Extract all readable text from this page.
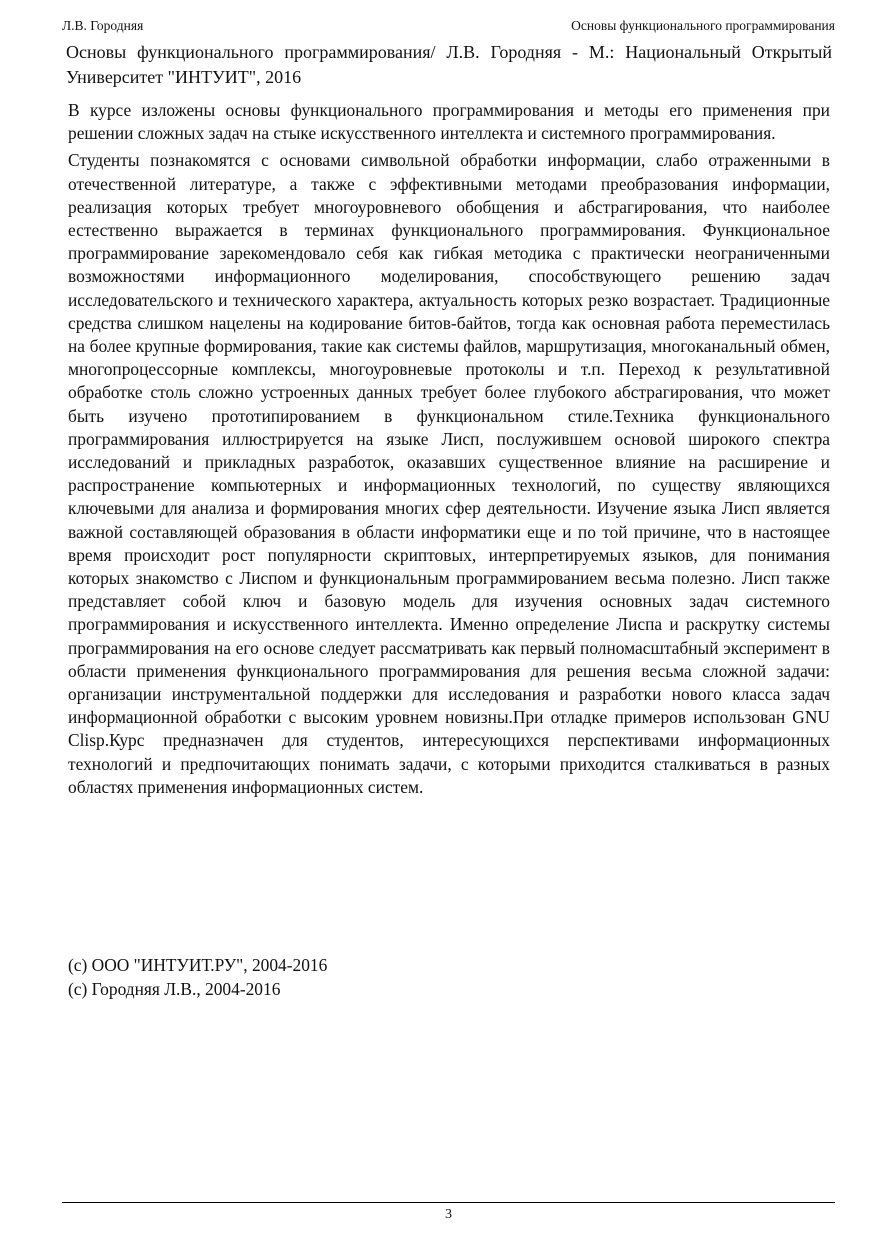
Л.В. Городняя	Основы функционального программирования
Основы функционального программирования/ Л.В. Городняя - М.: Национальный Открытый Университет "ИНТУИТ", 2016

В курсе изложены основы функционального программирования и методы его применения при решении сложных задач на стыке искусственного интеллекта и системного программирования.

Студенты познакомятся с основами символьной обработки информации, слабо отраженными в отечественной литературе, а также с эффективными методами преобразования информации, реализация которых требует многоуровневого обобщения и абстрагирования, что наиболее естественно выражается в терминах функционального программирования. Функциональное программирование зарекомендовало себя как гибкая методика с практически неограниченными возможностями информационного моделирования, способствующего решению задач исследовательского и технического характера, актуальность которых резко возрастает. Традиционные средства слишком нацелены на кодирование битов-байтов, тогда как основная работа переместилась на более крупные формирования, такие как системы файлов, маршрутизация, многоканальный обмен, многопроцессорные комплексы, многоуровневые протоколы и т.п. Переход к результативной обработке столь сложно устроенных данных требует более глубокого абстрагирования, что может быть изучено прототипированием в функциональном стиле.Техника функционального программирования иллюстрируется на языке Лисп, послужившем основой широкого спектра исследований и прикладных разработок, оказавших существенное влияние на расширение и распространение компьютерных и информационных технологий, по существу являющихся ключевыми для анализа и формирования многих сфер деятельности. Изучение языка Лисп является важной составляющей образования в области информатики еще и по той причине, что в настоящее время происходит рост популярности скриптовых, интерпретируемых языков, для понимания которых знакомство с Лиспом и функциональным программированием весьма полезно. Лисп также представляет собой ключ и базовую модель для изучения основных задач системного программирования и искусственного интеллекта. Именно определение Лиспа и раскрутку системы программирования на его основе следует рассматривать как первый полномасштабный эксперимент в области применения функционального программирования для решения весьма сложной задачи: организации инструментальной поддержки для исследования и разработки нового класса задач информационной обработки с высоким уровнем новизны.При отладке примеров использован GNU Clisp.Курс предназначен для студентов, интересующихся перспективами информационных технологий и предпочитающих понимать задачи, с которыми приходится сталкиваться в разных областях применения информационных систем.

(c) ООО "ИНТУИТ.РУ", 2004-2016
(c) Городняя Л.В., 2004-2016
3
